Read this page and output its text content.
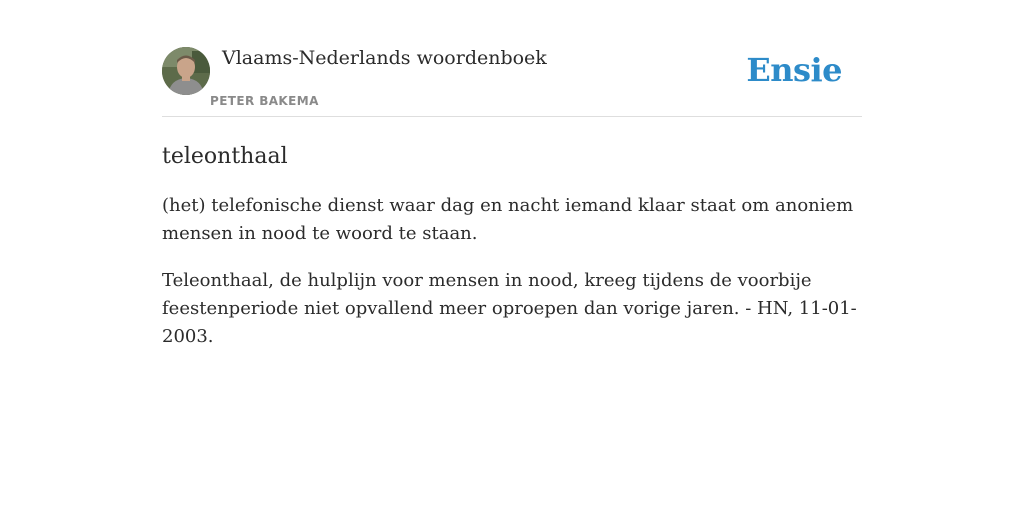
Vlaams-Nederlands woordenboek
PETER BAKEMA
Ensie
teleonthaal

(het) telefonische dienst waar dag en nacht iemand klaar staat om anoniem mensen in nood te woord te staan.

Teleonthaal, de hulplijn voor mensen in nood, kreeg tijdens de voorbije feestenperiode niet opvallend meer oproepen dan vorige jaren. - HN, 11-01-2003.
